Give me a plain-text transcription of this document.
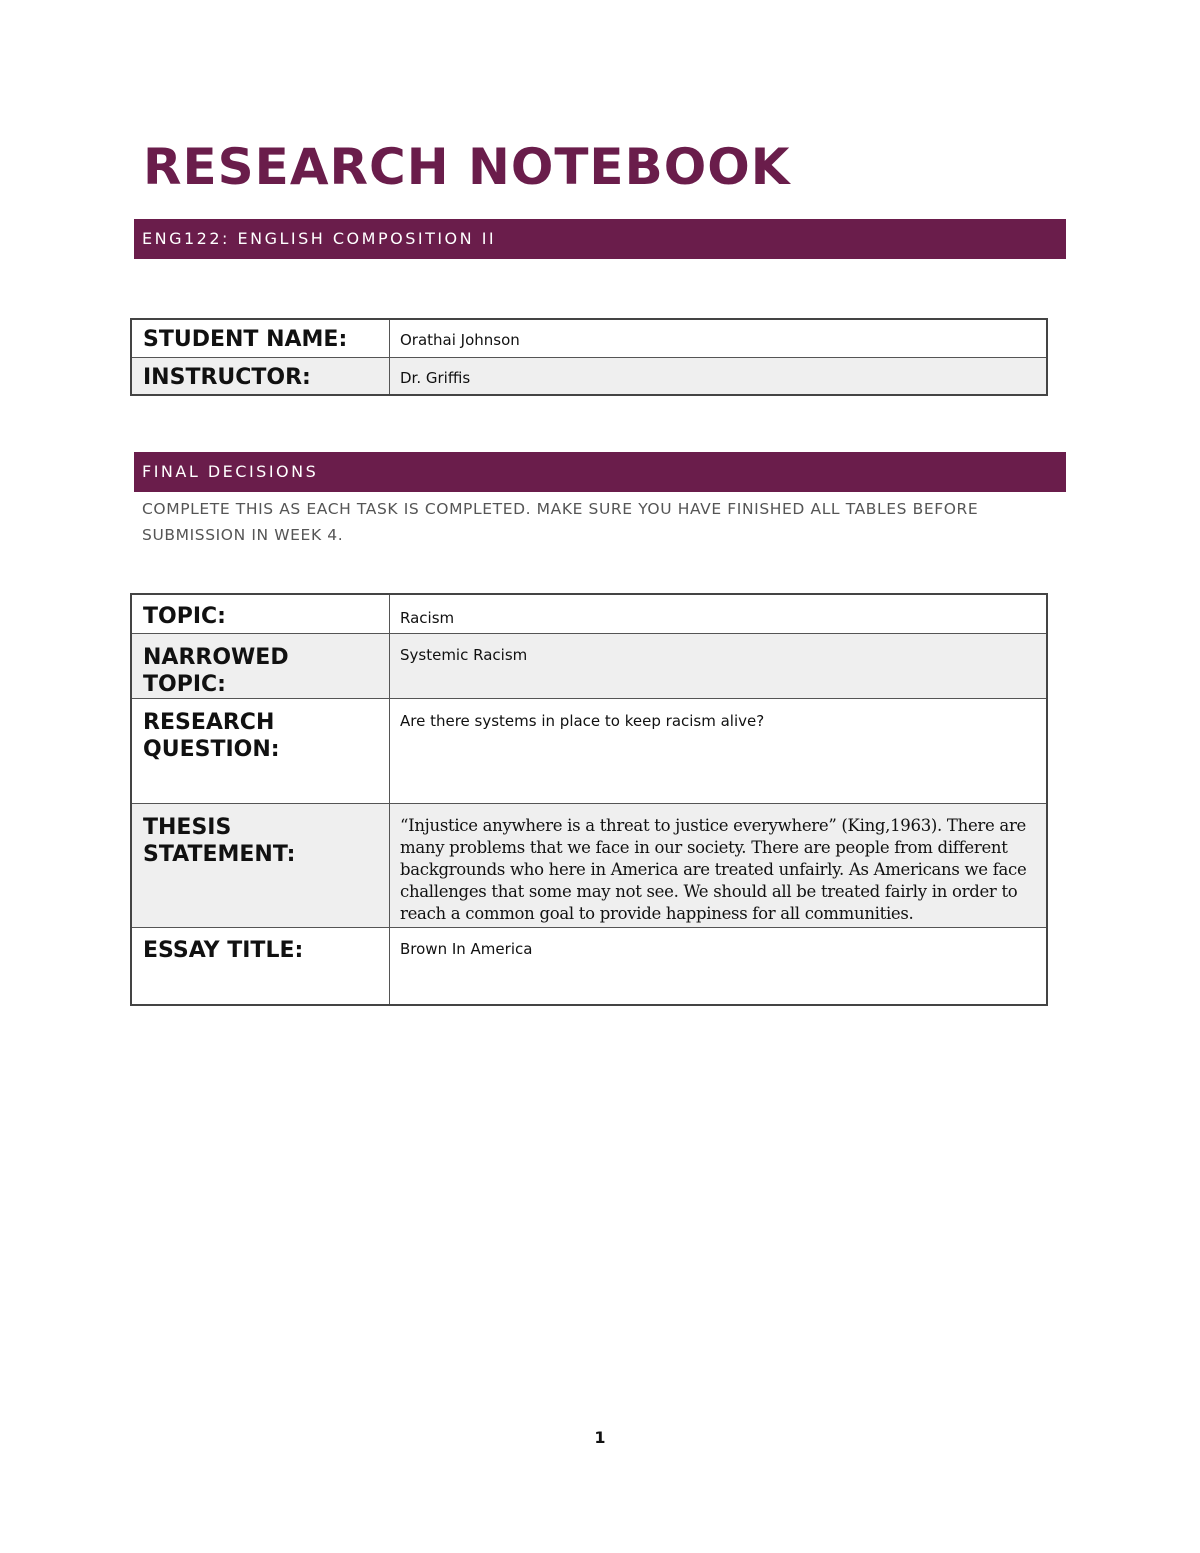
RESEARCH NOTEBOOK
ENG122: ENGLISH COMPOSITION II
STUDENT NAME:	Orathai Johnson
INSTRUCTOR:	Dr. Griffis
FINAL DECISIONS
COMPLETE THIS AS EACH TASK IS COMPLETED. MAKE SURE YOU HAVE FINISHED ALL TABLES BEFORE SUBMISSION IN WEEK 4.
TOPIC:	Racism
NARROWED TOPIC:	Systemic Racism
RESEARCH QUESTION:	Are there systems in place to keep racism alive?
THESIS STATEMENT:	“Injustice anywhere is a threat to justice everywhere” (King,1963). There are many problems that we face in our society. There are people from different backgrounds who here in America are treated unfairly. As Americans we face challenges that some may not see. We should all be treated fairly in order to reach a common goal to provide happiness for all communities.
ESSAY TITLE:	Brown In America
1
